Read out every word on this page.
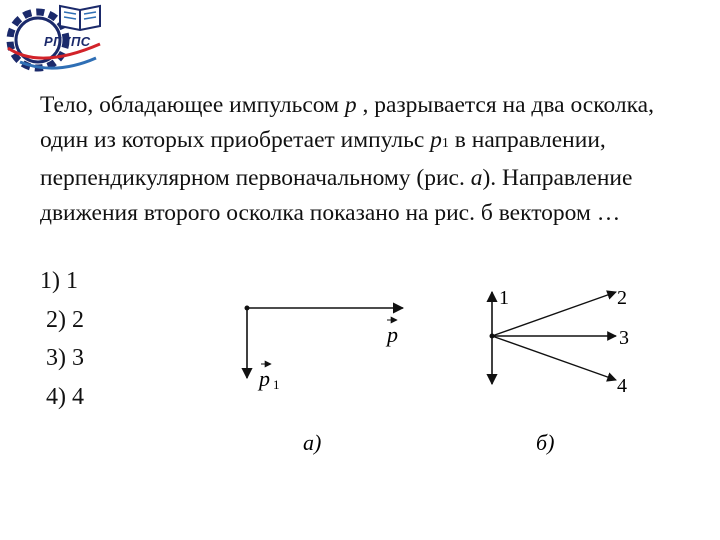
РГУПС

Тело, обладающее импульсом p , разрывается на два осколка, один из которых приобретает импульс p1 в направлении, перпендикулярном первоначальному (рис. a). Направление движения второго осколка показано на рис. б вектором …

1) 1
2) 2
3) 3
4) 4
p
p 1
а)
1	2
3
4
б)
